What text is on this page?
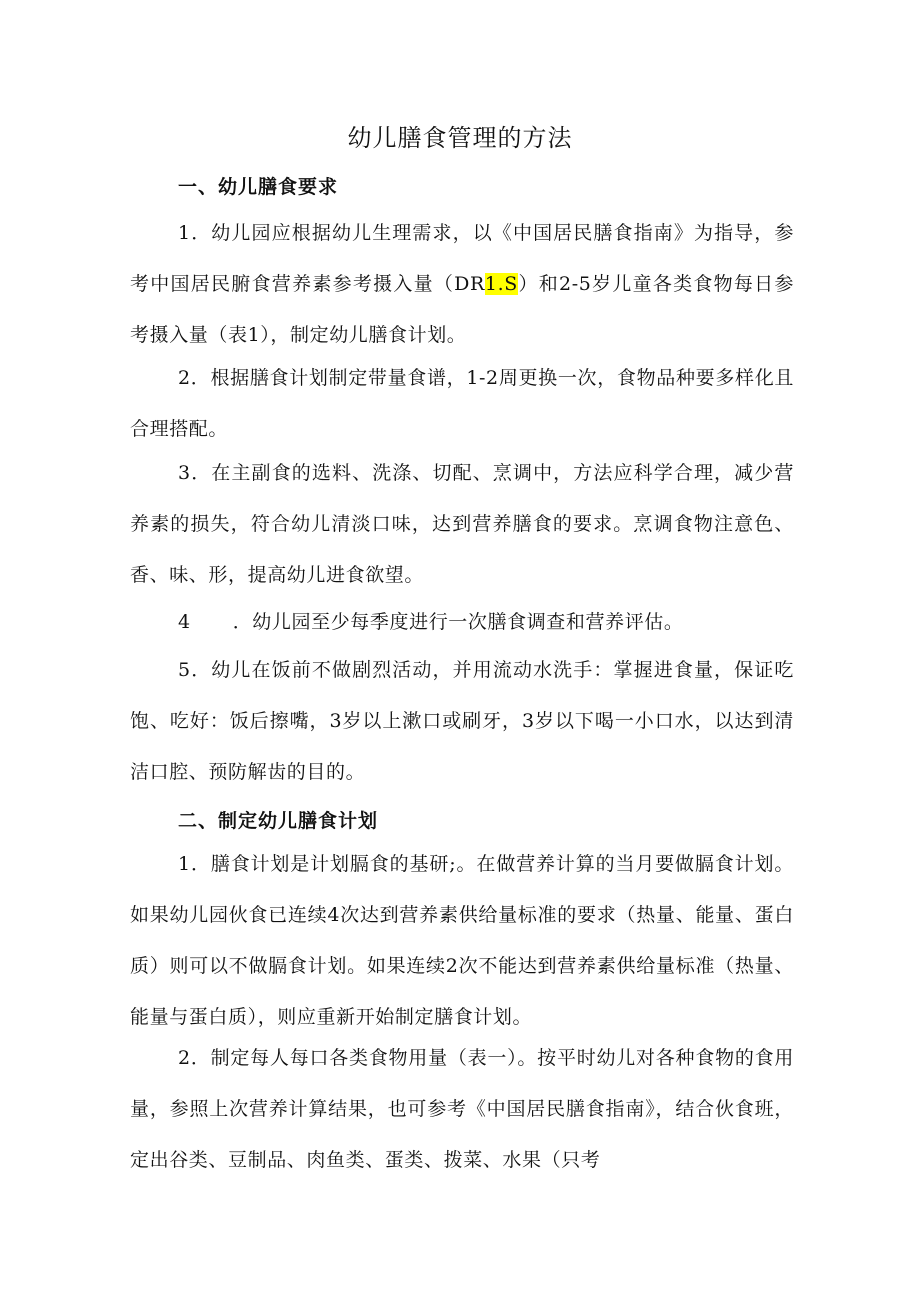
幼儿膳食管理的方法
一、幼儿膳食要求
1．幼儿园应根据幼儿生理需求，以《中国居民膳食指南》为指导，参考中国居民腑食营养素参考摄入量（DR1.S）和2-5岁儿童各类食物每日参考摄入量（表1），制定幼儿膳食计划。
2．根据膳食计划制定带量食谱，1-2周更换一次，食物品种要多样化且合理搭配。
3．在主副食的选料、洗涤、切配、烹调中，方法应科学合理，减少营养素的损失，符合幼儿清淡口味，达到营养膳食的要求。烹调食物注意色、香、味、形，提高幼儿进食欲望。
4 ．幼儿园至少每季度进行一次膳食调查和营养评估。
5．幼儿在饭前不做剧烈活动，并用流动水洗手：掌握进食量，保证吃饱、吃好：饭后擦嘴，3岁以上漱口或刷牙，3岁以下喝一小口水，以达到清洁口腔、预防解齿的目的。
二、制定幼儿膳食计划
1．膳食计划是计划膈食的基研;。在做营养计算的当月要做膈食计划。如果幼儿园伙食已连续4次达到营养素供给量标准的要求（热量、能量、蛋白质）则可以不做膈食计划。如果连续2次不能达到营养素供给量标准（热量、能量与蛋白质），则应重新开始制定膳食计划。
2．制定每人每口各类食物用量（表一）。按平时幼儿对各种食物的食用量，参照上次营养计算结果，也可参考《中国居民膳食指南》，结合伙食班，定出谷类、豆制品、肉鱼类、蛋类、拨菜、水果（只考
